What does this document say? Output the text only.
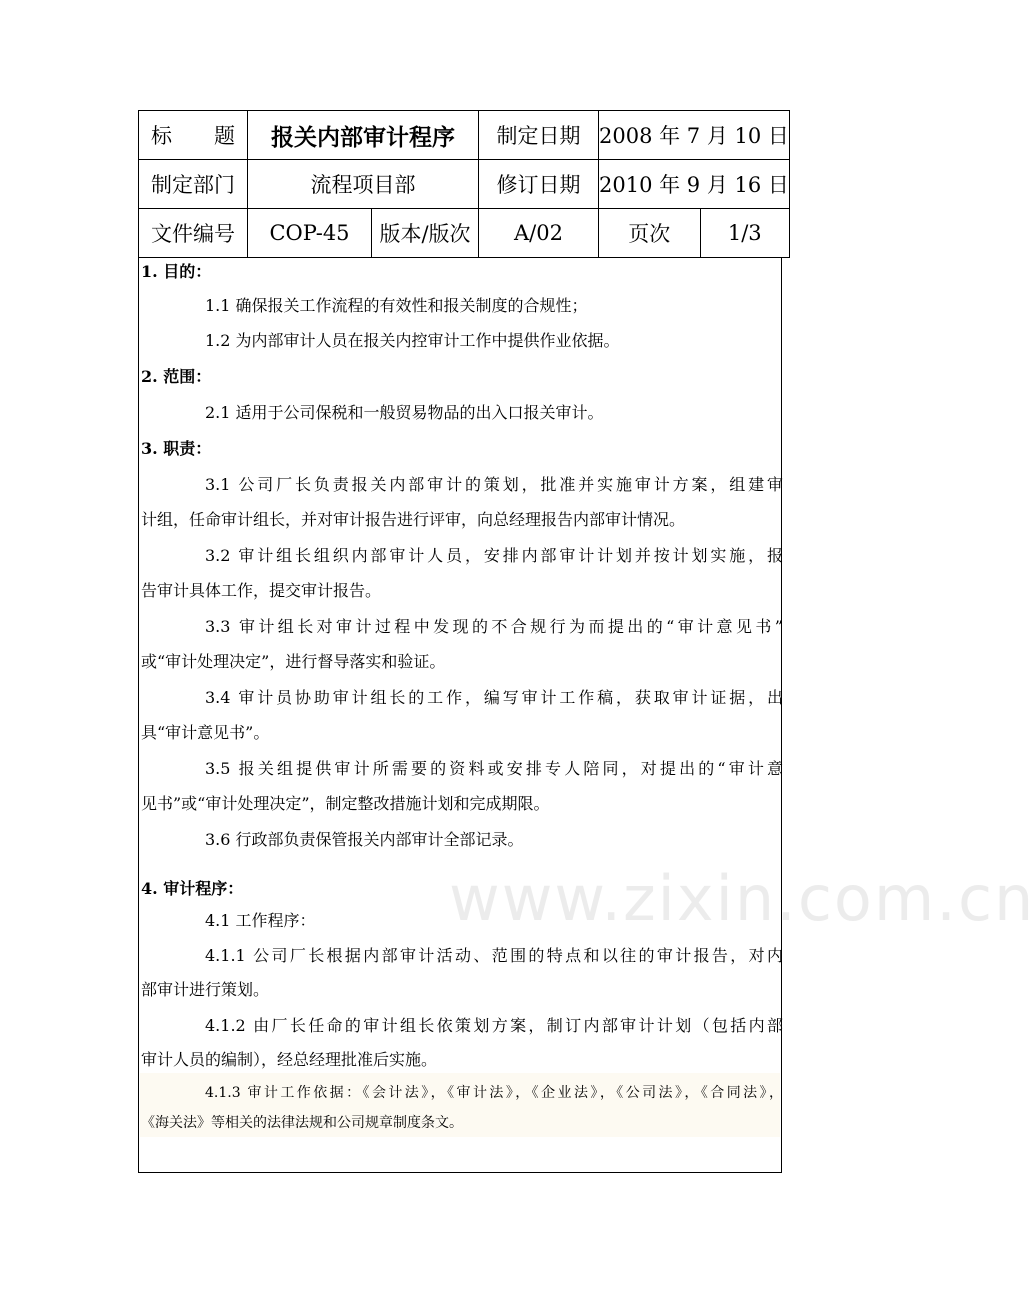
标　　题	报关内部审计程序		制定日期	2008 年 7 月 10 日	
制定部门	流程项目部		修订日期	2010 年 9 月 16 日	
文件编号	COP-45	版本/版次	A/02	页次	1/3
1. 目的：
1.1 确保报关工作流程的有效性和报关制度的合规性；
1.2 为内部审计人员在报关内控审计工作中提供作业依据。
2. 范围：
2.1 适用于公司保税和一般贸易物品的出入口报关审计。
3. 职责：
3.1 公司厂长负责报关内部审计的策划，批准并实施审计方案，组建审
计组，任命审计组长，并对审计报告进行评审，向总经理报告内部审计情况。
3.2 审计组长组织内部审计人员，安排内部审计计划并按计划实施，报
告审计具体工作，提交审计报告。
3.3 审计组长对审计过程中发现的不合规行为而提出的“审计意见书”
或“审计处理决定”，进行督导落实和验证。
3.4 审计员协助审计组长的工作，编写审计工作稿，获取审计证据，出
具“审计意见书”。
3.5 报关组提供审计所需要的资料或安排专人陪同，对提出的“审计意
见书”或“审计处理决定”，制定整改措施计划和完成期限。
3.6 行政部负责保管报关内部审计全部记录。
4. 审计程序：
4.1 工作程序：
4.1.1 公司厂长根据内部审计活动、范围的特点和以往的审计报告，对内
部审计进行策划。
4.1.2 由厂长任命的审计组长依策划方案，制订内部审计计划（包括内部
审计人员的编制），经总经理批准后实施。
4.1.3 审计工作依据：《会计法》，《审计法》，《企业法》，《公司法》，《合同法》，
《海关法》等相关的法律法规和公司规章制度条文。
www.zixin.com.cn
